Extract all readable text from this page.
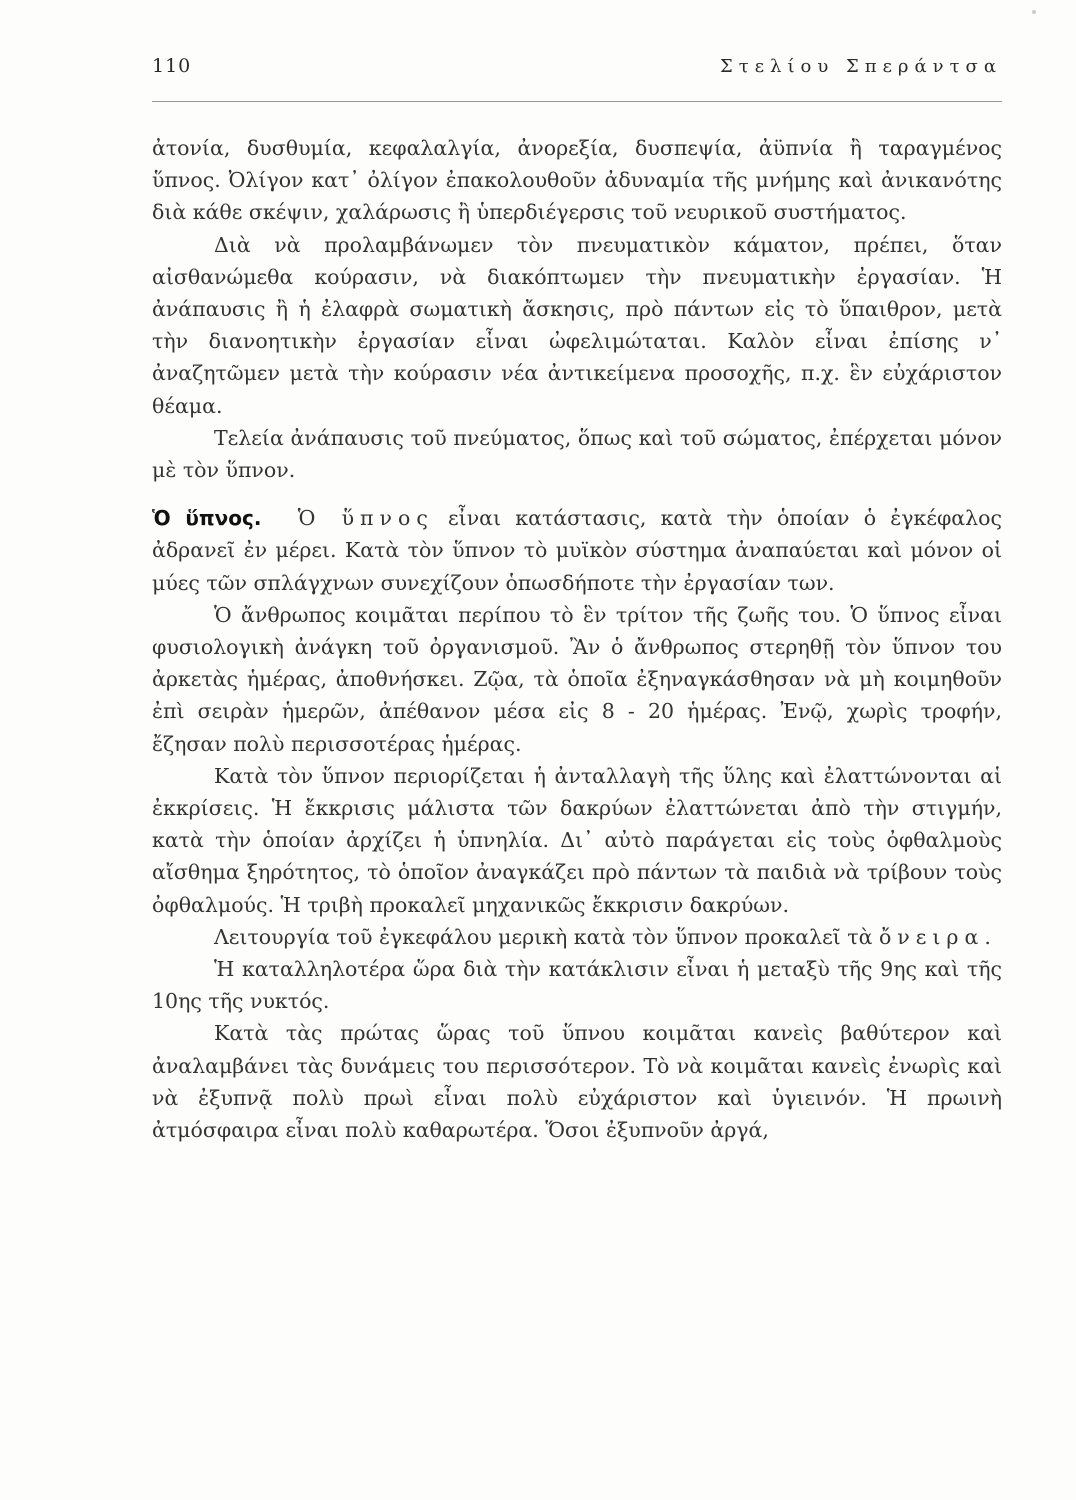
110	Στελίου Σπεράντσα

ἀτονία, δυσθυμία, κεφαλαλγία, ἀνορεξία, δυσπεψία, ἀϋπνία ἢ ταραγμένος ὕπνος. Ὀλίγον κατ᾽ ὀλίγον ἐπακολουθοῦν ἀδυναμία τῆς μνήμης καὶ ἀνικανότης διὰ κάθε σκέψιν, χαλάρωσις ἢ ὑπερδιέγερσις τοῦ νευρικοῦ συστήματος.

Διὰ νὰ προλαμβάνωμεν τὸν πνευματικὸν κάματον, πρέπει, ὅταν αἰσθανώμεθα κούρασιν, νὰ διακόπτωμεν τὴν πνευματικὴν ἐργασίαν. Ἡ ἀνάπαυσις ἢ ἡ ἐλαφρὰ σωματικὴ ἄσκησις, πρὸ πάντων εἰς τὸ ὕπαιθρον, μετὰ τὴν διανοητικὴν ἐργασίαν εἶναι ὠφελιμώταται. Καλὸν εἶναι ἐπίσης ν᾽ ἀναζητῶμεν μετὰ τὴν κούρασιν νέα ἀντικείμενα προσοχῆς, π.χ. ἓν εὐχάριστον θέαμα.

Τελεία ἀνάπαυσις τοῦ πνεύματος, ὅπως καὶ τοῦ σώματος, ἐπέρχεται μόνον μὲ τὸν ὕπνον.

Ὁ ὕπνος. Ὁ ὕπνος εἶναι κατάστασις, κατὰ τὴν ὁποίαν ὁ ἐγκέφαλος ἀδρανεῖ ἐν μέρει. Κατὰ τὸν ὕπνον τὸ μυϊκὸν σύστημα ἀναπαύεται καὶ μόνον οἱ μύες τῶν σπλάγχνων συνεχίζουν ὁπωσδήποτε τὴν ἐργασίαν των.

Ὁ ἄνθρωπος κοιμᾶται περίπου τὸ ἓν τρίτον τῆς ζωῆς του. Ὁ ὕπνος εἶναι φυσιολογικὴ ἀνάγκη τοῦ ὀργανισμοῦ. Ἂν ὁ ἄνθρωπος στερηθῇ τὸν ὕπνον του ἀρκετὰς ἡμέρας, ἀποθνήσκει. Ζῷα, τὰ ὁποῖα ἐξηναγκάσθησαν νὰ μὴ κοιμηθοῦν ἐπὶ σειρὰν ἡμερῶν, ἀπέθανον μέσα εἰς 8 - 20 ἡμέρας. Ἐνῷ, χωρὶς τροφήν, ἔζησαν πολὺ περισσοτέρας ἡμέρας.

Κατὰ τὸν ὕπνον περιορίζεται ἡ ἀνταλλαγὴ τῆς ὕλης καὶ ἐλαττώνονται αἱ ἐκκρίσεις. Ἡ ἔκκρισις μάλιστα τῶν δακρύων ἐλαττώνεται ἀπὸ τὴν στιγμήν, κατὰ τὴν ὁποίαν ἀρχίζει ἡ ὑπνηλία. Δι᾽ αὐτὸ παράγεται εἰς τοὺς ὀφθαλμοὺς αἴσθημα ξηρότητος, τὸ ὁποῖον ἀναγκάζει πρὸ πάντων τὰ παιδιὰ νὰ τρίβουν τοὺς ὀφθαλμούς. Ἡ τριβὴ προκαλεῖ μηχανικῶς ἔκκρισιν δακρύων.

Λειτουργία τοῦ ἐγκεφάλου μερικὴ κατὰ τὸν ὕπνον προκαλεῖ τὰ ὄνειρα.

Ἡ καταλληλοτέρα ὥρα διὰ τὴν κατάκλισιν εἶναι ἡ μεταξὺ τῆς 9ης καὶ τῆς 10ης τῆς νυκτός.

Κατὰ τὰς πρώτας ὥρας τοῦ ὕπνου κοιμᾶται κανεὶς βαθύτερον καὶ ἀναλαμβάνει τὰς δυνάμεις του περισσότερον. Τὸ νὰ κοιμᾶται κανεὶς ἐνωρὶς καὶ νὰ ἐξυπνᾷ πολὺ πρωὶ εἶναι πολὺ εὐχάριστον καὶ ὑγιεινόν. Ἡ πρωινὴ ἀτμόσφαιρα εἶναι πολὺ καθαρωτέρα. Ὅσοι ἐξυπνοῦν ἀργά,
